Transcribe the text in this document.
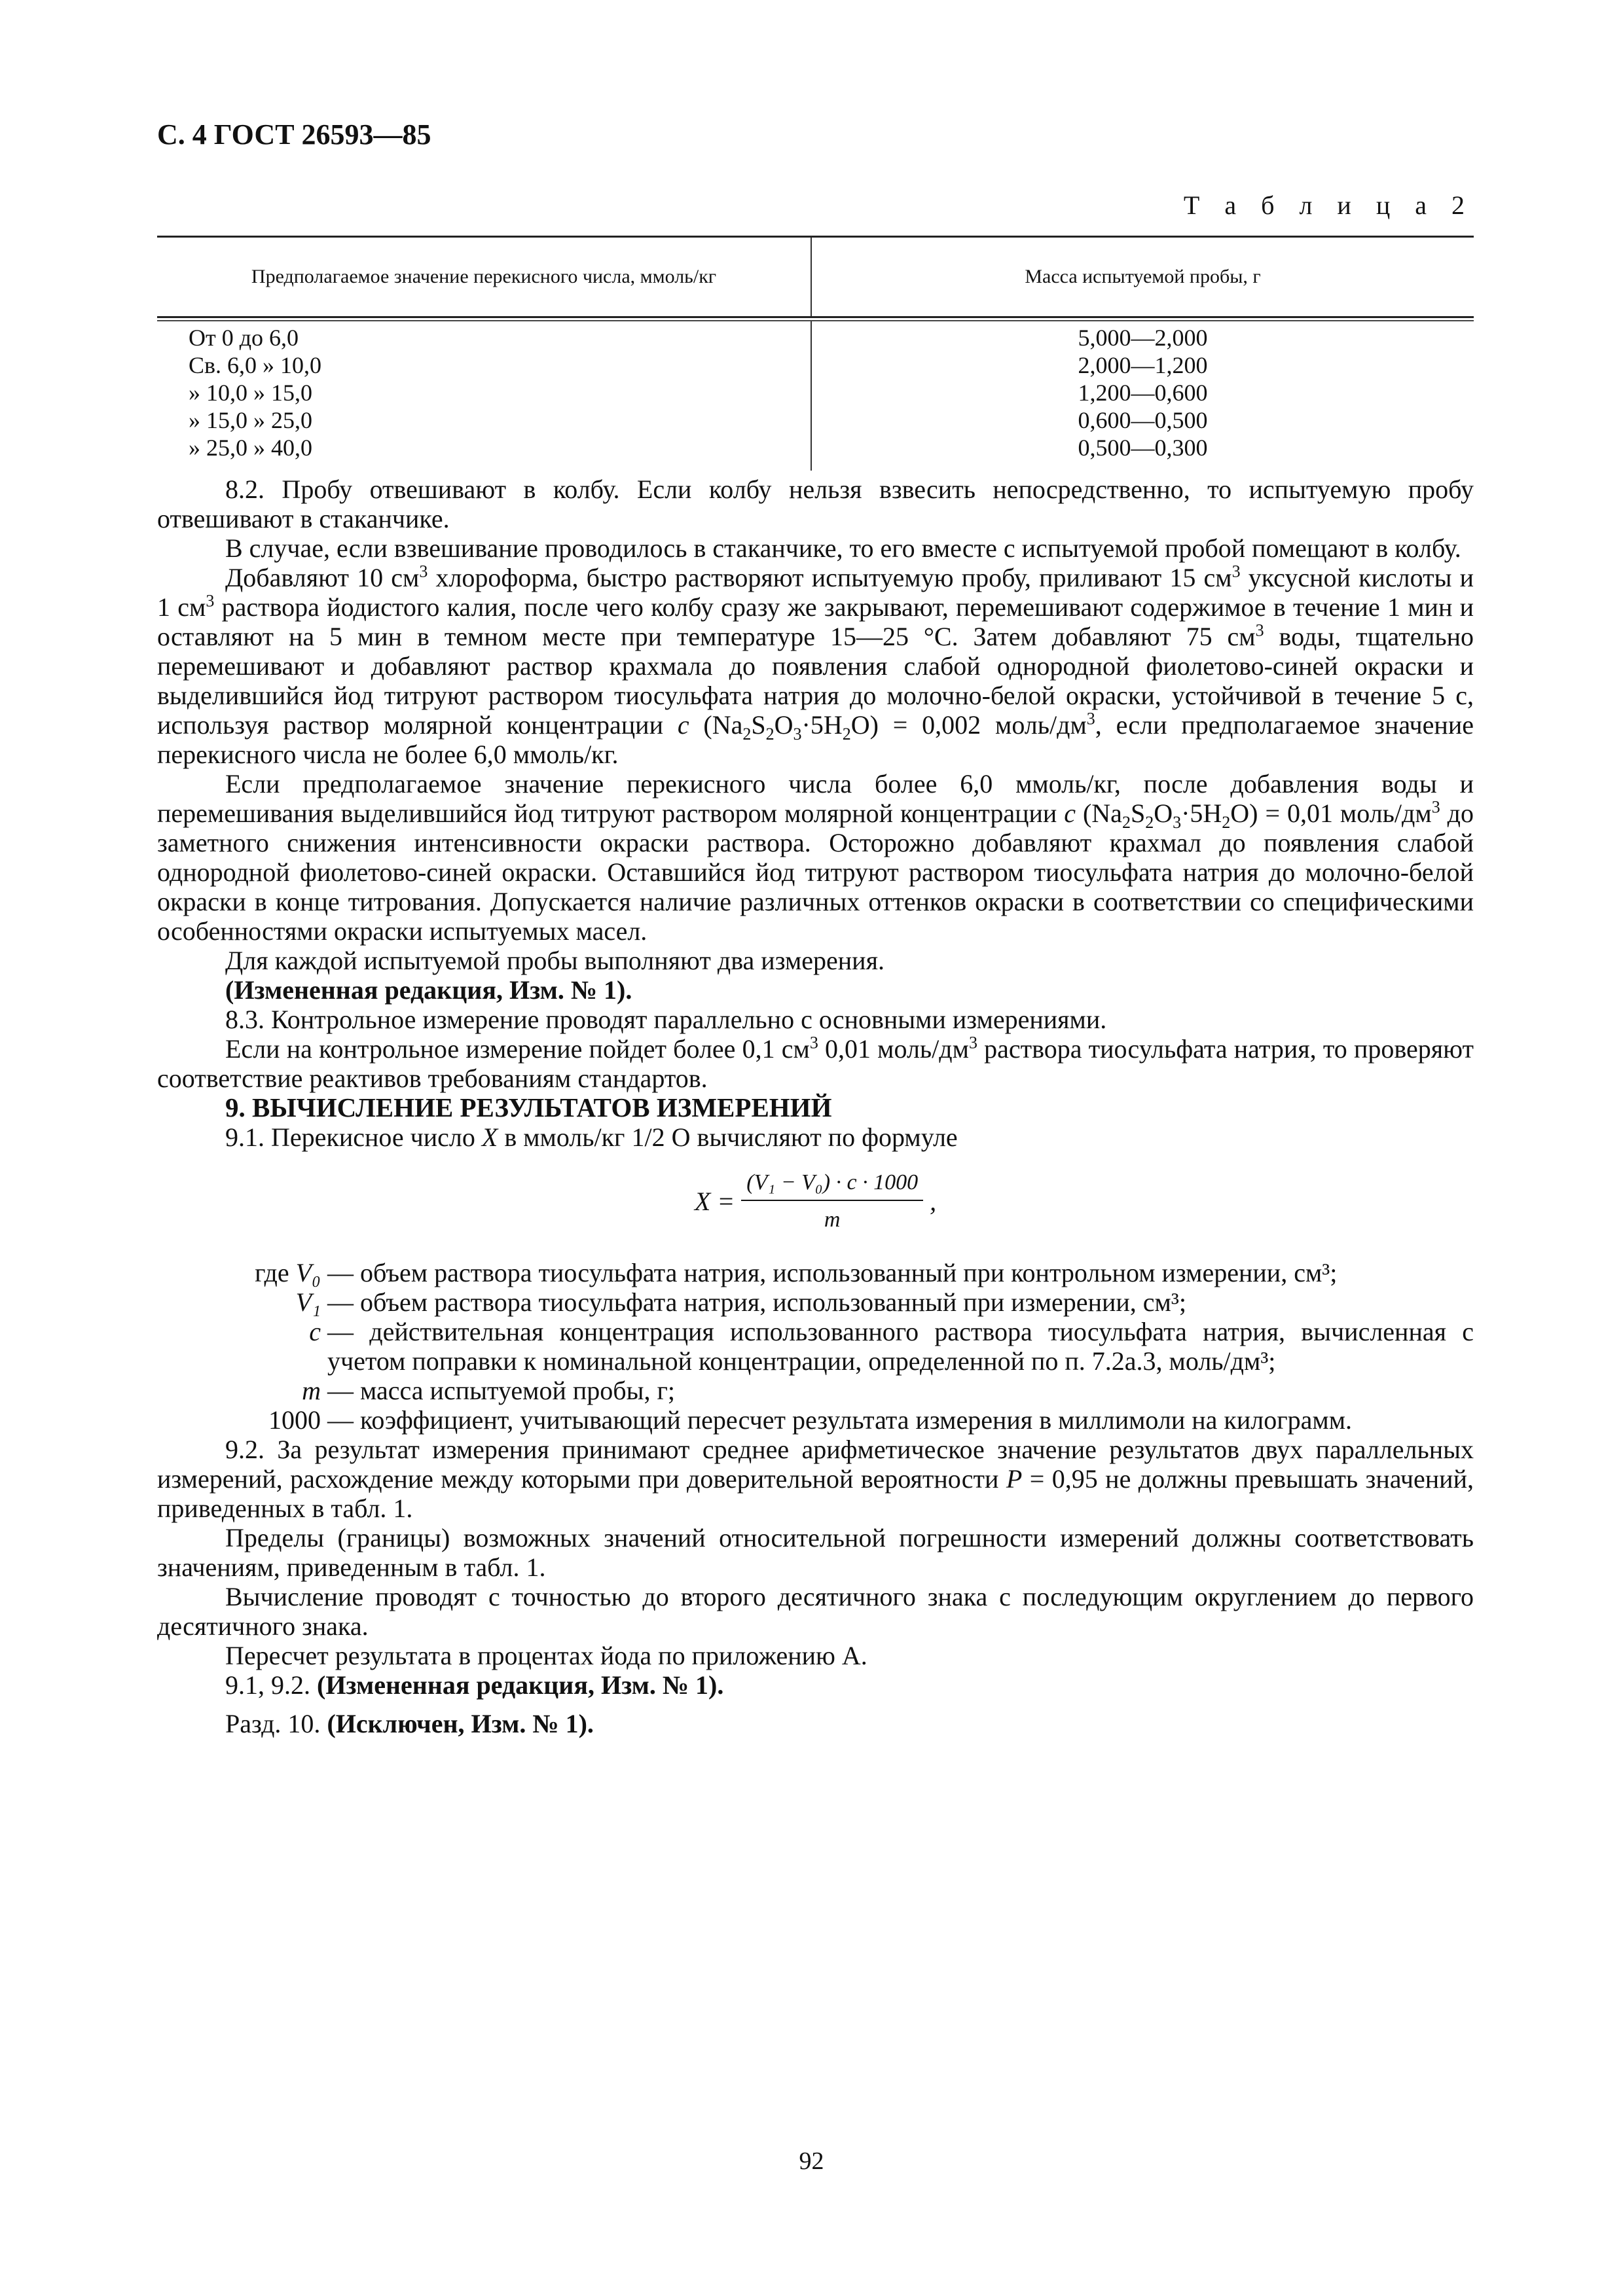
С. 4 ГОСТ 26593—85
Т а б л и ц а 2
Предполагаемое значение перекисного числа, ммоль/кг	Масса испытуемой пробы, г
От 0 до 6,0
Св. 6,0 » 10,0
» 10,0 » 15,0
» 15,0 » 25,0
» 25,0 » 40,0
5,000—2,000
2,000—1,200
1,200—0,600
0,600—0,500
0,500—0,300

8.2. Пробу отвешивают в колбу. Если колбу нельзя взвесить непосредственно, то испытуемую пробу отвешивают в стаканчике.

В случае, если взвешивание проводилось в стаканчике, то его вместе с испытуемой пробой помещают в колбу.

Добавляют 10 $см^3$ хлороформа, быстро растворяют испытуемую пробу, приливают 15 $см^3$ уксусной кислоты и 1 $см^3$ раствора йодистого калия, после чего колбу сразу же закрывают, перемешивают содержимое в течение 1 мин и оставляют на 5 мин в темном месте при температуре 15—25 °С. Затем добавляют 75 $см^3$ воды, тщательно перемешивают и добавляют раствор крахмала до появления слабой однородной фиолетово-синей окраски и выделившийся йод титруют раствором тиосульфата натрия до молочно-белой окраски, устойчивой в течение 5 с, используя раствор молярной концентрации c $(Na_2S_2O_3\cdot 5H_2O) = 0,002$ моль/$дм^3$, если предполагаемое значение перекисного числа не более 6,0 ммоль/кг.

Если предполагаемое значение перекисного числа более 6,0 ммоль/кг, после добавления воды и перемешивания выделившийся йод титруют раствором молярной концентрации c $(Na_2S_2O_3\cdot 5H_2O) = 0,01$ моль/$дм^3$ до заметного снижения интенсивности окраски раствора. Осторожно добавляют крахмал до появления слабой однородной фиолетово-синей окраски. Оставшийся йод титруют раствором тиосульфата натрия до молочно-белой окраски в конце титрования. Допускается наличие различных оттенков окраски в соответствии со специфическими особенностями окраски испытуемых масел.

Для каждой испытуемой пробы выполняют два измерения.

(Измененная редакция, Изм. № 1).

8.3. Контрольное измерение проводят параллельно с основными измерениями.

Если на контрольное измерение пойдет более 0,1 $см^3$ 0,01 моль/$дм^3$ раствора тиосульфата натрия, то проверяют соответствие реактивов требованиям стандартов.

9. ВЫЧИСЛЕНИЕ РЕЗУЛЬТАТОВ ИЗМЕРЕНИЙ

9.1. Перекисное число X в ммоль/кг 1/2 О вычисляют по формуле

$X = \frac{\text{(V₁ − V₀) · c · 1000}}{m}$ ,
где V₀ — объем раствора тиосульфата натрия, использованный при контрольном измерении, см³;
V₁ — объем раствора тиосульфата натрия, использованный при измерении, см³;
c — действительная концентрация использованного раствора тиосульфата натрия, вычисленная с учетом поправки к номинальной концентрации, определенной по п. 7.2а.3, моль/дм³;
m — масса испытуемой пробы, г;
1000 — коэффициент, учитывающий пересчет результата измерения в миллимоли на килограмм.

9.2. За результат измерения принимают среднее арифметическое значение результатов двух параллельных измерений, расхождение между которыми при доверительной вероятности P = 0,95 не должны превышать значений, приведенных в табл. 1.

Пределы (границы) возможных значений относительной погрешности измерений должны соответствовать значениям, приведенным в табл. 1.

Вычисление проводят с точностью до второго десятичного знака с последующим округлением до первого десятичного знака.

Пересчет результата в процентах йода по приложению А.

9.1, 9.2. (Измененная редакция, Изм. № 1).

Разд. 10. (Исключен, Изм. № 1).

92
